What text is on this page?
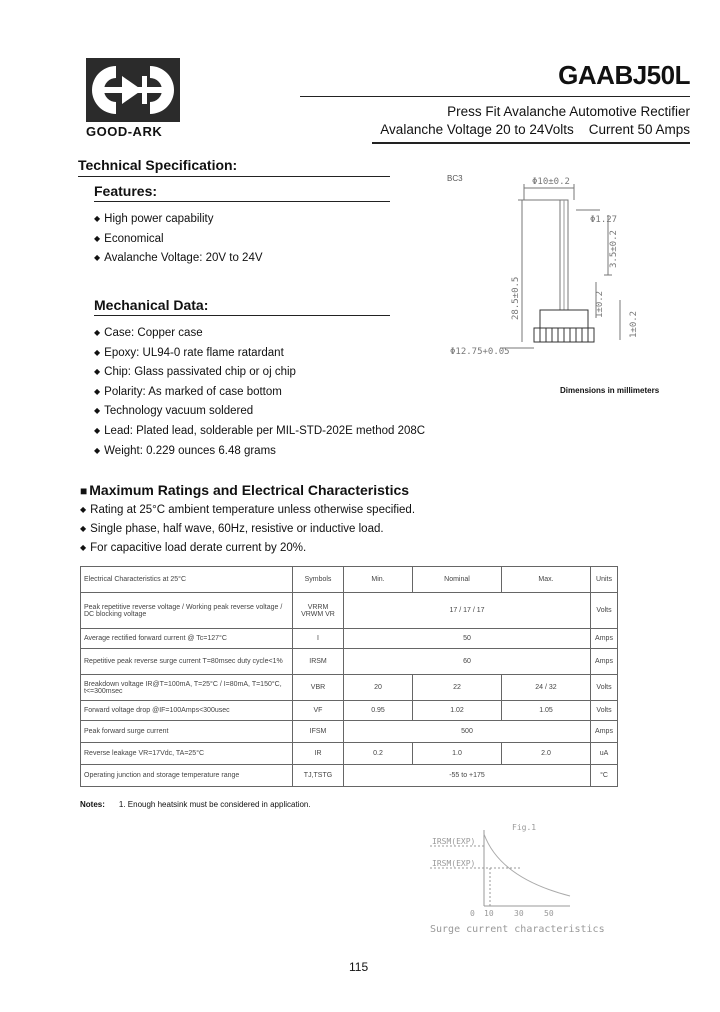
GOOD-ARK
GAABJ50L
Press Fit Avalanche Automotive Rectifier
Avalanche Voltage 20 to 24Volts    Current 50 Amps
Technical Specification:
Features:
◆ High power capability
◆ Economical
◆ Avalanche Voltage: 20V to 24V
Mechanical Data:
◆ Case: Copper case
◆ Epoxy: UL94-0 rate flame ratardant
◆ Chip: Glass passivated chip or oj chip
◆ Polarity: As marked of case bottom
◆ Technology vacuum soldered
◆ Lead: Plated lead, solderable per MIL-STD-202E method 208C
◆ Weight: 0.229 ounces 6.48 grams
BC3	Φ10±0.2
Φ1.27
Φ12.75+0.05
28.5±0.5
3.5±0.2
1±0.2
1±0.2
Dimensions in millimeters
■ Maximum Ratings and Electrical Characteristics
◆ Rating at 25°C ambient temperature unless otherwise specified.
◆ Single phase, half wave, 60Hz, resistive or inductive load.
◆ For capacitive load derate current by 20%.
Electrical Characteristics at 25°C	Symbols	Min.	Nominal	Max.	Units
Peak repetitive reverse voltage / Working peak reverse voltage / DC blocking voltage	VRRM VRWM VR	17 / 17 / 17			Volts
Average rectified forward current @ Tc=127°C	I	50			Amps
Repetitive peak reverse surge current T=80msec duty cycle<1%	IRSM	60			Amps
Breakdown voltage IR@T=100mA, T=25°C / I=80mA, T=150°C, t<=300msec	VBR	20	22	24 / 32	Volts
Forward voltage drop @IF=100Amps<300usec	VF	0.95	1.02	1.05	Volts
Peak forward surge current	IFSM	500			Amps
Reverse leakage VR=17Vdc, TA=25°C	IR	0.2	1.0	2.0	uA
Operating junction and storage temperature range	TJ,TSTG	-55 to +175			°C
Notes: 1. Enough heatsink must be considered in application.
IRSM(EXP)
IRSM(EXP)
Fig.1
0 10	30	50
Surge current characteristics
115
